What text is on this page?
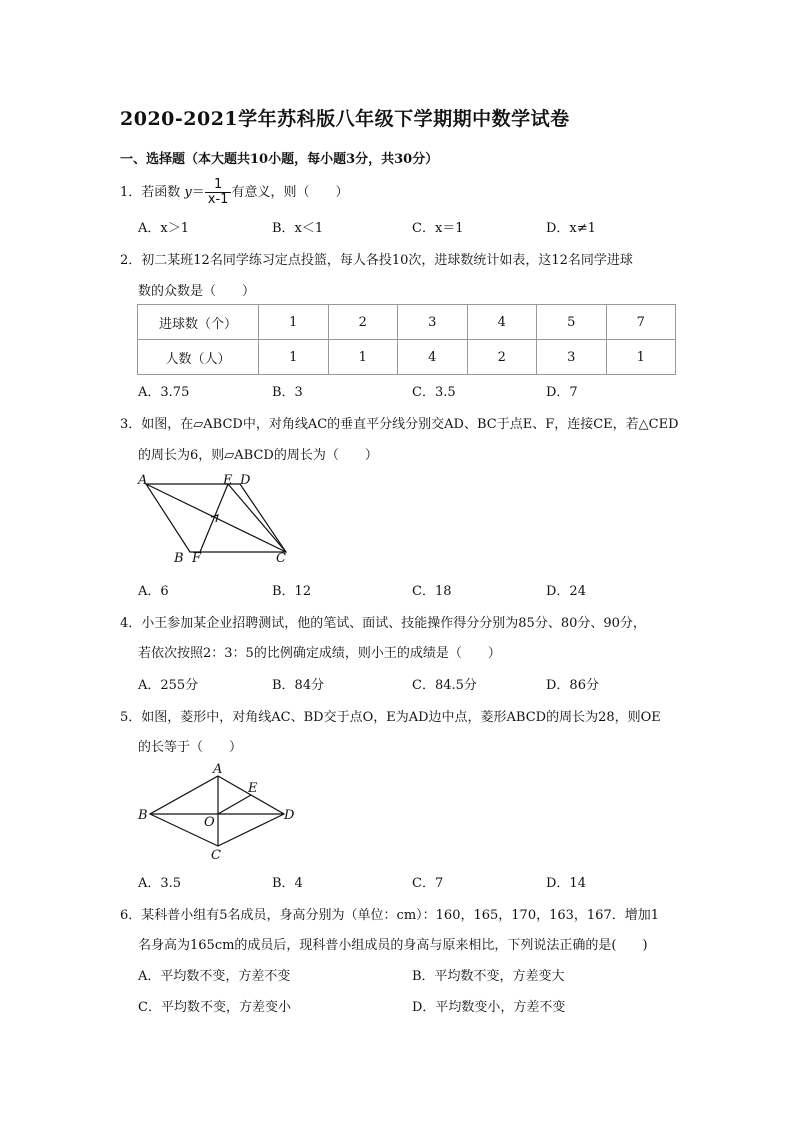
2020-2021学年苏科版八年级下学期期中数学试卷
一、选择题（本大题共10小题，每小题3分，共30分）
1．若函数 $y= \frac{1}{x-1}$ 有意义，则（　　）
A．x＞1	B．x＜1	C．x＝1	D．x≠1
2．初二某班12名同学练习定点投篮，每人各投10次，进球数统计如表，这12名同学进球
数的众数是（　　）
进球数（个）	1	2	3	4	5	7
人数（人）	1	1	4	2	3	1
A．3.75	B．3	C．3.5	D．7
3．如图，在▱ABCD中，对角线AC的垂直平分线分别交AD、BC于点E、F，连接CE，若△CED
的周长为6，则▱ABCD的周长为（　　）
A	E D
B F	C
A．6	B．12	C．18	D．24
4．小王参加某企业招聘测试，他的笔试、面试、技能操作得分分别为85分、80分、90分，
若依次按照2：3：5的比例确定成绩，则小王的成绩是（　　）
A．255分	B．84分	C．84.5分	D．86分
5．如图，菱形中，对角线AC、BD交于点O，E为AD边中点，菱形ABCD的周长为28，则OE
的长等于（　　）
A
E
B	O	D
C
A．3.5	B．4	C．7	D．14
6．某科普小组有5名成员，身高分别为（单位：cm）：160，165，170，163，167．增加1
名身高为165cm的成员后，现科普小组成员的身高与原来相比，下列说法正确的是(　　)
A．平均数不变，方差不变	B．平均数不变，方差变大
C．平均数不变，方差变小	D．平均数变小，方差不变
